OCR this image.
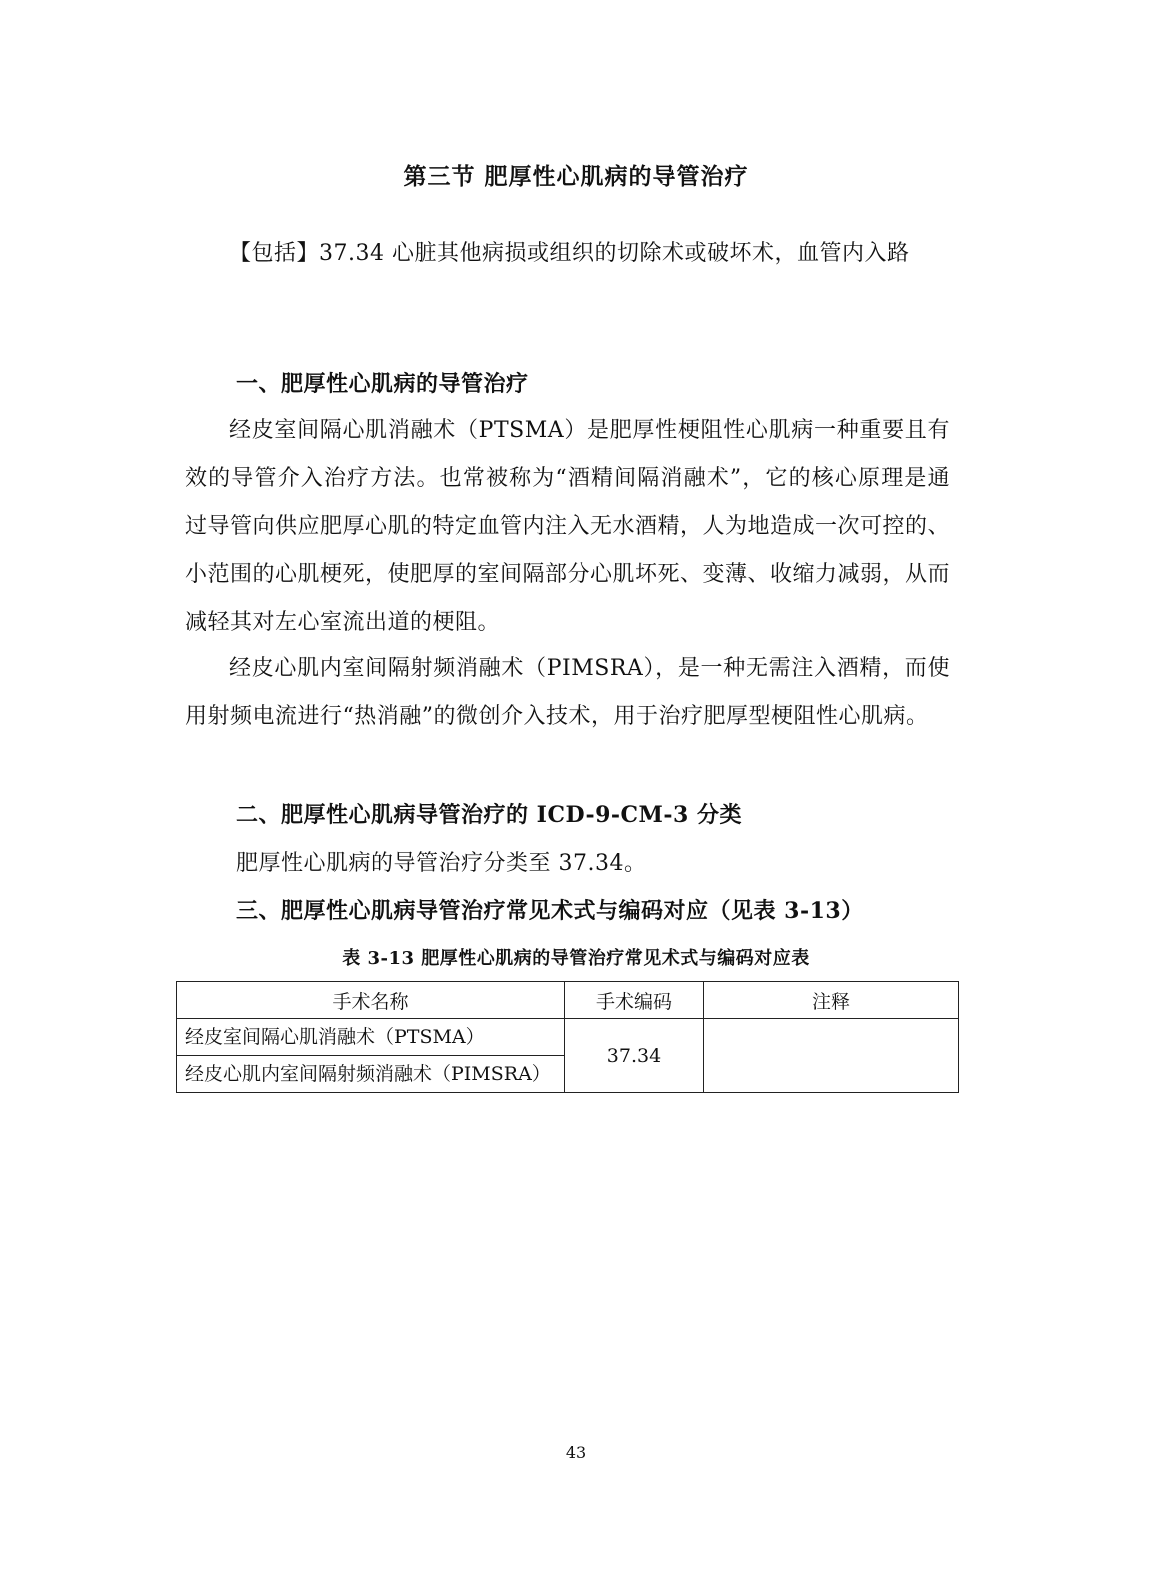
第三节 肥厚性心肌病的导管治疗
【包括】37.34 心脏其他病损或组织的切除术或破坏术，血管内入路
一、肥厚性心肌病的导管治疗
经皮室间隔心肌消融术（PTSMA）是肥厚性梗阻性心肌病一种重要且有效的导管介入治疗方法。也常被称为“酒精间隔消融术”，它的核心原理是通过导管向供应肥厚心肌的特定血管内注入无水酒精，人为地造成一次可控的、小范围的心肌梗死，使肥厚的室间隔部分心肌坏死、变薄、收缩力减弱，从而减轻其对左心室流出道的梗阻。
经皮心肌内室间隔射频消融术（PIMSRA），是一种无需注入酒精，而使用射频电流进行“热消融”的微创介入技术，用于治疗肥厚型梗阻性心肌病。
二、肥厚性心肌病导管治疗的 ICD-9-CM-3 分类
肥厚性心肌病的导管治疗分类至 37.34。
三、肥厚性心肌病导管治疗常见术式与编码对应（见表 3-13）
表 3-13 肥厚性心肌病的导管治疗常见术式与编码对应表
手术名称	手术编码	注释
经皮室间隔心肌消融术（PTSMA）	37.34	
经皮心肌内室间隔射频消融术（PIMSRA）		
43
